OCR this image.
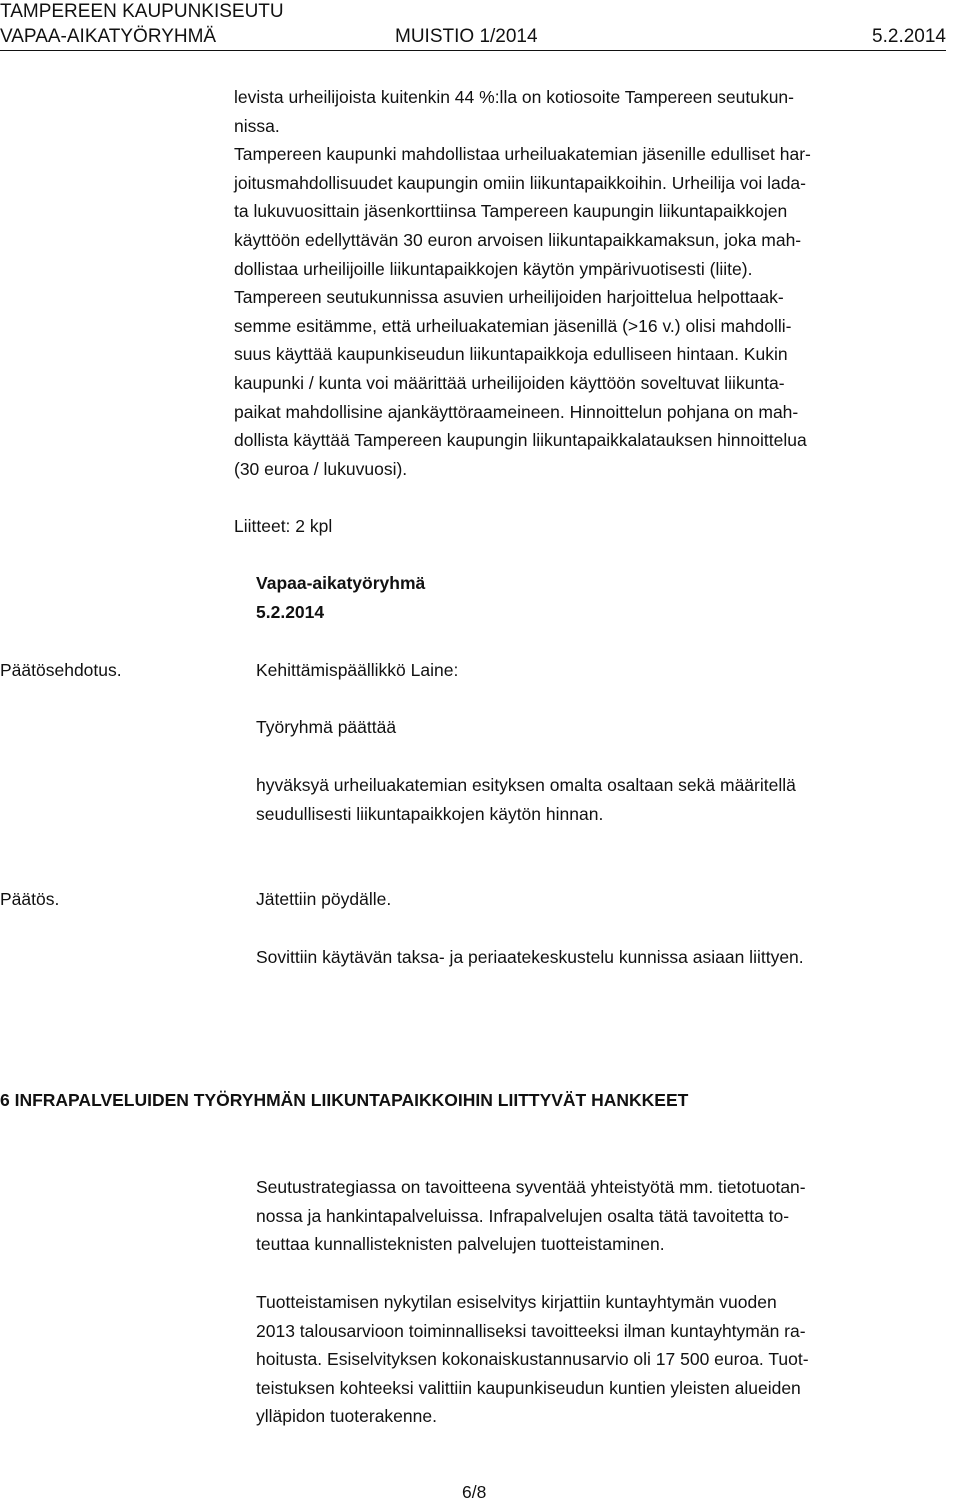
TAMPEREEN KAUPUNKISEUTU
VAPAA-AIKATYÖRYHMÄ	MUISTIO 1/2014	5.2.2014
levista urheilijoista kuitenkin 44 %:lla on kotiosoite Tampereen seutukun-
nissa.
Tampereen kaupunki mahdollistaa urheiluakatemian jäsenille edulliset har-
joitusmahdollisuudet kaupungin omiin liikuntapaikkoihin. Urheilija voi lada-
ta lukuvuosittain jäsenkorttiinsa Tampereen kaupungin liikuntapaikkojen
käyttöön edellyttävän 30 euron arvoisen liikuntapaikkamaksun, joka mah-
dollistaa urheilijoille liikuntapaikkojen käytön ympärivuotisesti (liite).
Tampereen seutukunnissa asuvien urheilijoiden harjoittelua helpottaak-
semme esitämme, että urheiluakatemian jäsenillä (>16 v.) olisi mahdolli-
suus käyttää kaupunkiseudun liikuntapaikkoja edulliseen hintaan. Kukin
kaupunki / kunta voi määrittää urheilijoiden käyttöön soveltuvat liikunta-
paikat mahdollisine ajankäyttöraameineen. Hinnoittelun pohjana on mah-
dollista käyttää Tampereen kaupungin liikuntapaikkalatauksen hinnoittelua
(30 euroa / lukuvuosi).
Liitteet: 2 kpl
Vapaa-aikatyöryhmä
5.2.2014
Päätösehdotus.	Kehittämispäällikkö Laine:
Työryhmä päättää
hyväksyä urheiluakatemian esityksen omalta osaltaan sekä määritellä
seudullisesti liikuntapaikkojen käytön hinnan.
Päätös.	Jätettiin pöydälle.
Sovittiin käytävän taksa- ja periaatekeskustelu kunnissa asiaan liittyen.
6 INFRAPALVELUIDEN TYÖRYHMÄN LIIKUNTAPAIKKOIHIN LIITTYVÄT HANKKEET
Seutustrategiassa on tavoitteena syventää yhteistyötä mm. tietotuotan-
nossa ja hankintapalveluissa. Infrapalvelujen osalta tätä tavoitetta to-
teuttaa kunnallisteknisten palvelujen tuotteistaminen.
Tuotteistamisen nykytilan esiselvitys kirjattiin kuntayhtymän vuoden
2013 talousarvioon toiminnalliseksi tavoitteeksi ilman kuntayhtymän ra-
hoitusta. Esiselvityksen kokonaiskustannusarvio oli 17 500 euroa. Tuot-
teistuksen kohteeksi valittiin kaupunkiseudun kuntien yleisten alueiden
ylläpidon tuoterakenne.
6/8
